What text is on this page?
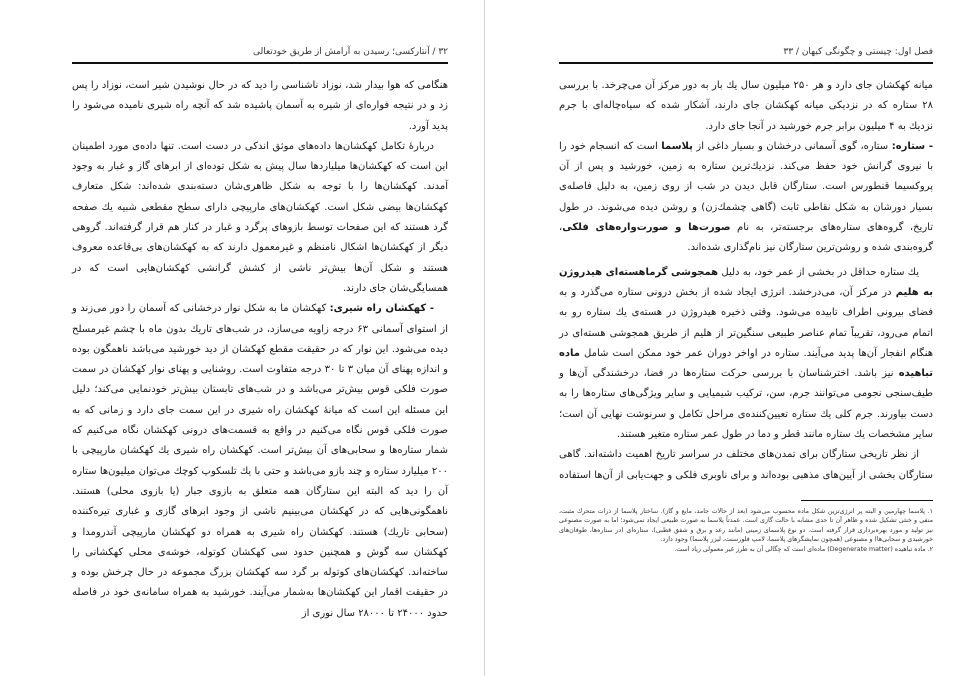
۳۲ / آنتاركسی؛ رسیدن به آرامش از طریق خودتعالی

هنگامی كه هوا بیدار شد، نوزاد ناشناسی را دید كه در حال نوشیدن شیر است، نوزاد را پس زد و در نتیجه فواره‌ای از شیره به آسمان پاشیده شد كه آنچه راه شیری نامیده می‌شود را پدید آورد.

دربارهٔ تكامل كهكشان‌ها داده‌های موثق اندكی در دست است. تنها داده‌ی مورد اطمینان این است كه كهكشان‌ها میلیاردها سال پیش به شكل توده‌ای از ابرهای گاز و غبار به وجود آمدند. كهكشان‌ها را با توجه به شكل ظاهری‌شان دسته‌بندی شده‌اند: شكل متعارف كهكشان‌ها بیضی شكل است. كهكشان‌های مارپیچی دارای سطح مقطعی شبیه یك صفحه گرد هستند كه این صفحات توسط بازوهای پرگرد و غبار در كنار هم قرار گرفته‌اند. گروهی دیگر از كهكشان‌ها اشكال نامنظم و غیرمعمول دارند كه به كهكشان‌های بی‌قاعده معروف هستند و شكل آن‌ها بیش‌تر ناشی از كشش گرانشی كهكشان‌هایی است كه در همسایگی‌شان جای دارند.

- كهكشان راه شیری: كهكشان ما به شكل نوار درخشانی كه آسمان را دور می‌زند و از استوای آسمانی ۶۳ درجه زاویه می‌سازد، در شب‌های تاریك بدون ماه با چشم غیرمسلح دیده می‌شود. این نوار كه در حقیقت مقطع كهكشان از دید خورشید می‌باشد ناهمگون بوده و اندازه پهنای آن میان ۳ تا ۳۰ درجه متفاوت است. روشنایی و پهنای نوار كهكشان در سمت صورت فلكی قوس بیش‌تر می‌باشد و در شب‌های تابستان بیش‌تر خودنمایی می‌كند؛ دلیل این مسئله این است كه میانهٔ كهكشان راه شیری در این سمت جای دارد و زمانی كه به صورت فلكی قوس نگاه می‌كنیم در واقع به قسمت‌های درونی كهكشان نگاه می‌كنیم كه شمار ستاره‌ها و سحابی‌های آن بیش‌تر است. كهكشان راه شیری یك كهكشان مارپیچی با ۲۰۰ میلیارد ستاره و چند بازو می‌باشد و حتی با یك تلسكوپ كوچك می‌توان میلیون‌ها ستاره آن را دید كه البته این ستارگان همه متعلق به بازوی جبار (یا بازوی محلی) هستند. ناهمگونی‌هایی كه در كهكشان می‌بینیم ناشی از وجود ابرهای گازی و غباری تیره‌كننده (سحابی تاریك) هستند. كهكشان راه شیری به همراه دو كهكشان مارپیچی آندرومدا و كهكشان سه گوش و همچنین حدود سی كهكشان كوتوله، خوشه‌ی محلی كهكشانی را ساخته‌اند. كهكشان‌های كوتوله بر گرد سه كهكشان بزرگ مجموعه در حال چرخش بوده و در حقیقت اقمار این كهكشان‌ها به‌شمار می‌آیند. خورشید به همراه سامانه‌ی خود در فاصله حدود ۲۴۰۰۰ تا ۲۸۰۰۰ سال نوری از

فصل اول: چیستی و چگونگی كیهان / ۳۳

میانه كهكشان جای دارد و هر ۲۵۰ میلیون سال یك بار به دور مركز آن می‌چرخد. با بررسی ۲۸ ستاره كه در نزدیكی میانه كهكشان جای دارند، آشكار شده كه سیاه‌چاله‌ای با جرم نزدیك به ۴ میلیون برابر جرم خورشید در آنجا جای دارد.

- ستاره: ستاره، گوی آسمانی درخشان و بسیار داغی از پلاسما است كه انسجام خود را با نیروی گرانش خود حفظ می‌كند. نزدیك‌ترین ستاره به زمین، خورشید و پس از آن پروكسیما قنطورس است. ستارگان قابل دیدن در شب از روی زمین، به دلیل فاصله‌ی بسیار دورشان به شكل نقاطی ثابت (گاهی چشمك‌زن) و روشن دیده می‌شوند. در طول تاریخ، گروه‌های ستاره‌های برجسته‌تر، به نام صورت‌ها و صورت‌واره‌های فلكی، گروه‌بندی شده و روشن‌ترین ستارگان نیز نام‌گذاری شده‌اند.

یك ستاره حداقل در بخشی از عمر خود، به دلیل همجوشی گرماهسته‌ای هیدروژن به هلیم در مركز آن، می‌درخشد. انرژی ایجاد شده از بخش درونی ستاره می‌گذرد و به فضای بیرونی اطراف تابیده می‌شود. وقتی ذخیره هیدروژن در هسته‌ی یك ستاره رو به اتمام می‌رود، تقریباً تمام عناصر طبیعی سنگین‌تر از هلیم از طریق همجوشی هسته‌ای در هنگام انفجار آن‌ها پدید می‌آیند. ستاره در اواخر دوران عمر خود ممكن است شامل ماده تباهیده نیز باشد. اخترشناسان با بررسی حركت ستاره‌ها در فضا، درخشندگی آن‌ها و طیف‌سنجی نجومی می‌توانند جرم، سن، تركیب شیمیایی و سایر ویژگی‌های ستاره‌ها را به دست بیاورند. جرم كلی یك ستاره تعیین‌كننده‌ی مراحل تكامل و سرنوشت نهایی آن است؛ سایر مشخصات یك ستاره مانند قطر و دما در طول عمر ستاره متغیر هستند.

از نظر تاریخی ستارگان برای تمدن‌های مختلف در سراسر تاریخ اهمیت داشته‌اند. گاهی ستارگان بخشی از آیین‌های مذهبی بوده‌اند و برای ناوبری فلكی و جهت‌یابی از آن‌ها استفاده

۱. پلاسما چهارمین و البته پر انرژی‌ترین شكل ماده محسوب می‌شود (بعد از حالات جامد، مایع و گاز). ساختار پلاسما از ذرات متحرك مثبت، منفی و خنثی تشكیل شده و ظاهر آن تا حدی مشابه با حالت گازی است. عمدتاً پلاسما به صورت طبیعی ایجاد نمی‌شود؛ اما به صورت مصنوعی نیز تولید و مورد بهره‌برداری قرار گرفته است. دو نوع پلاسمای زمینی (مانند رعد و برق و شفق قطبی)، ستاره‌ای (در ستاره‌ها، طوفان‌های خورشیدی و سحابی‌ها) و مصنوعی (همچون نمایشگرهای پلاسما، لامپ فلورسنت، لیزر پلاسما) وجود دارد.

۲. ماده تباهیده (Degenerate matter) ماده‌ای است كه چگالی آن به طرز غیر معمولی زیاد است.
